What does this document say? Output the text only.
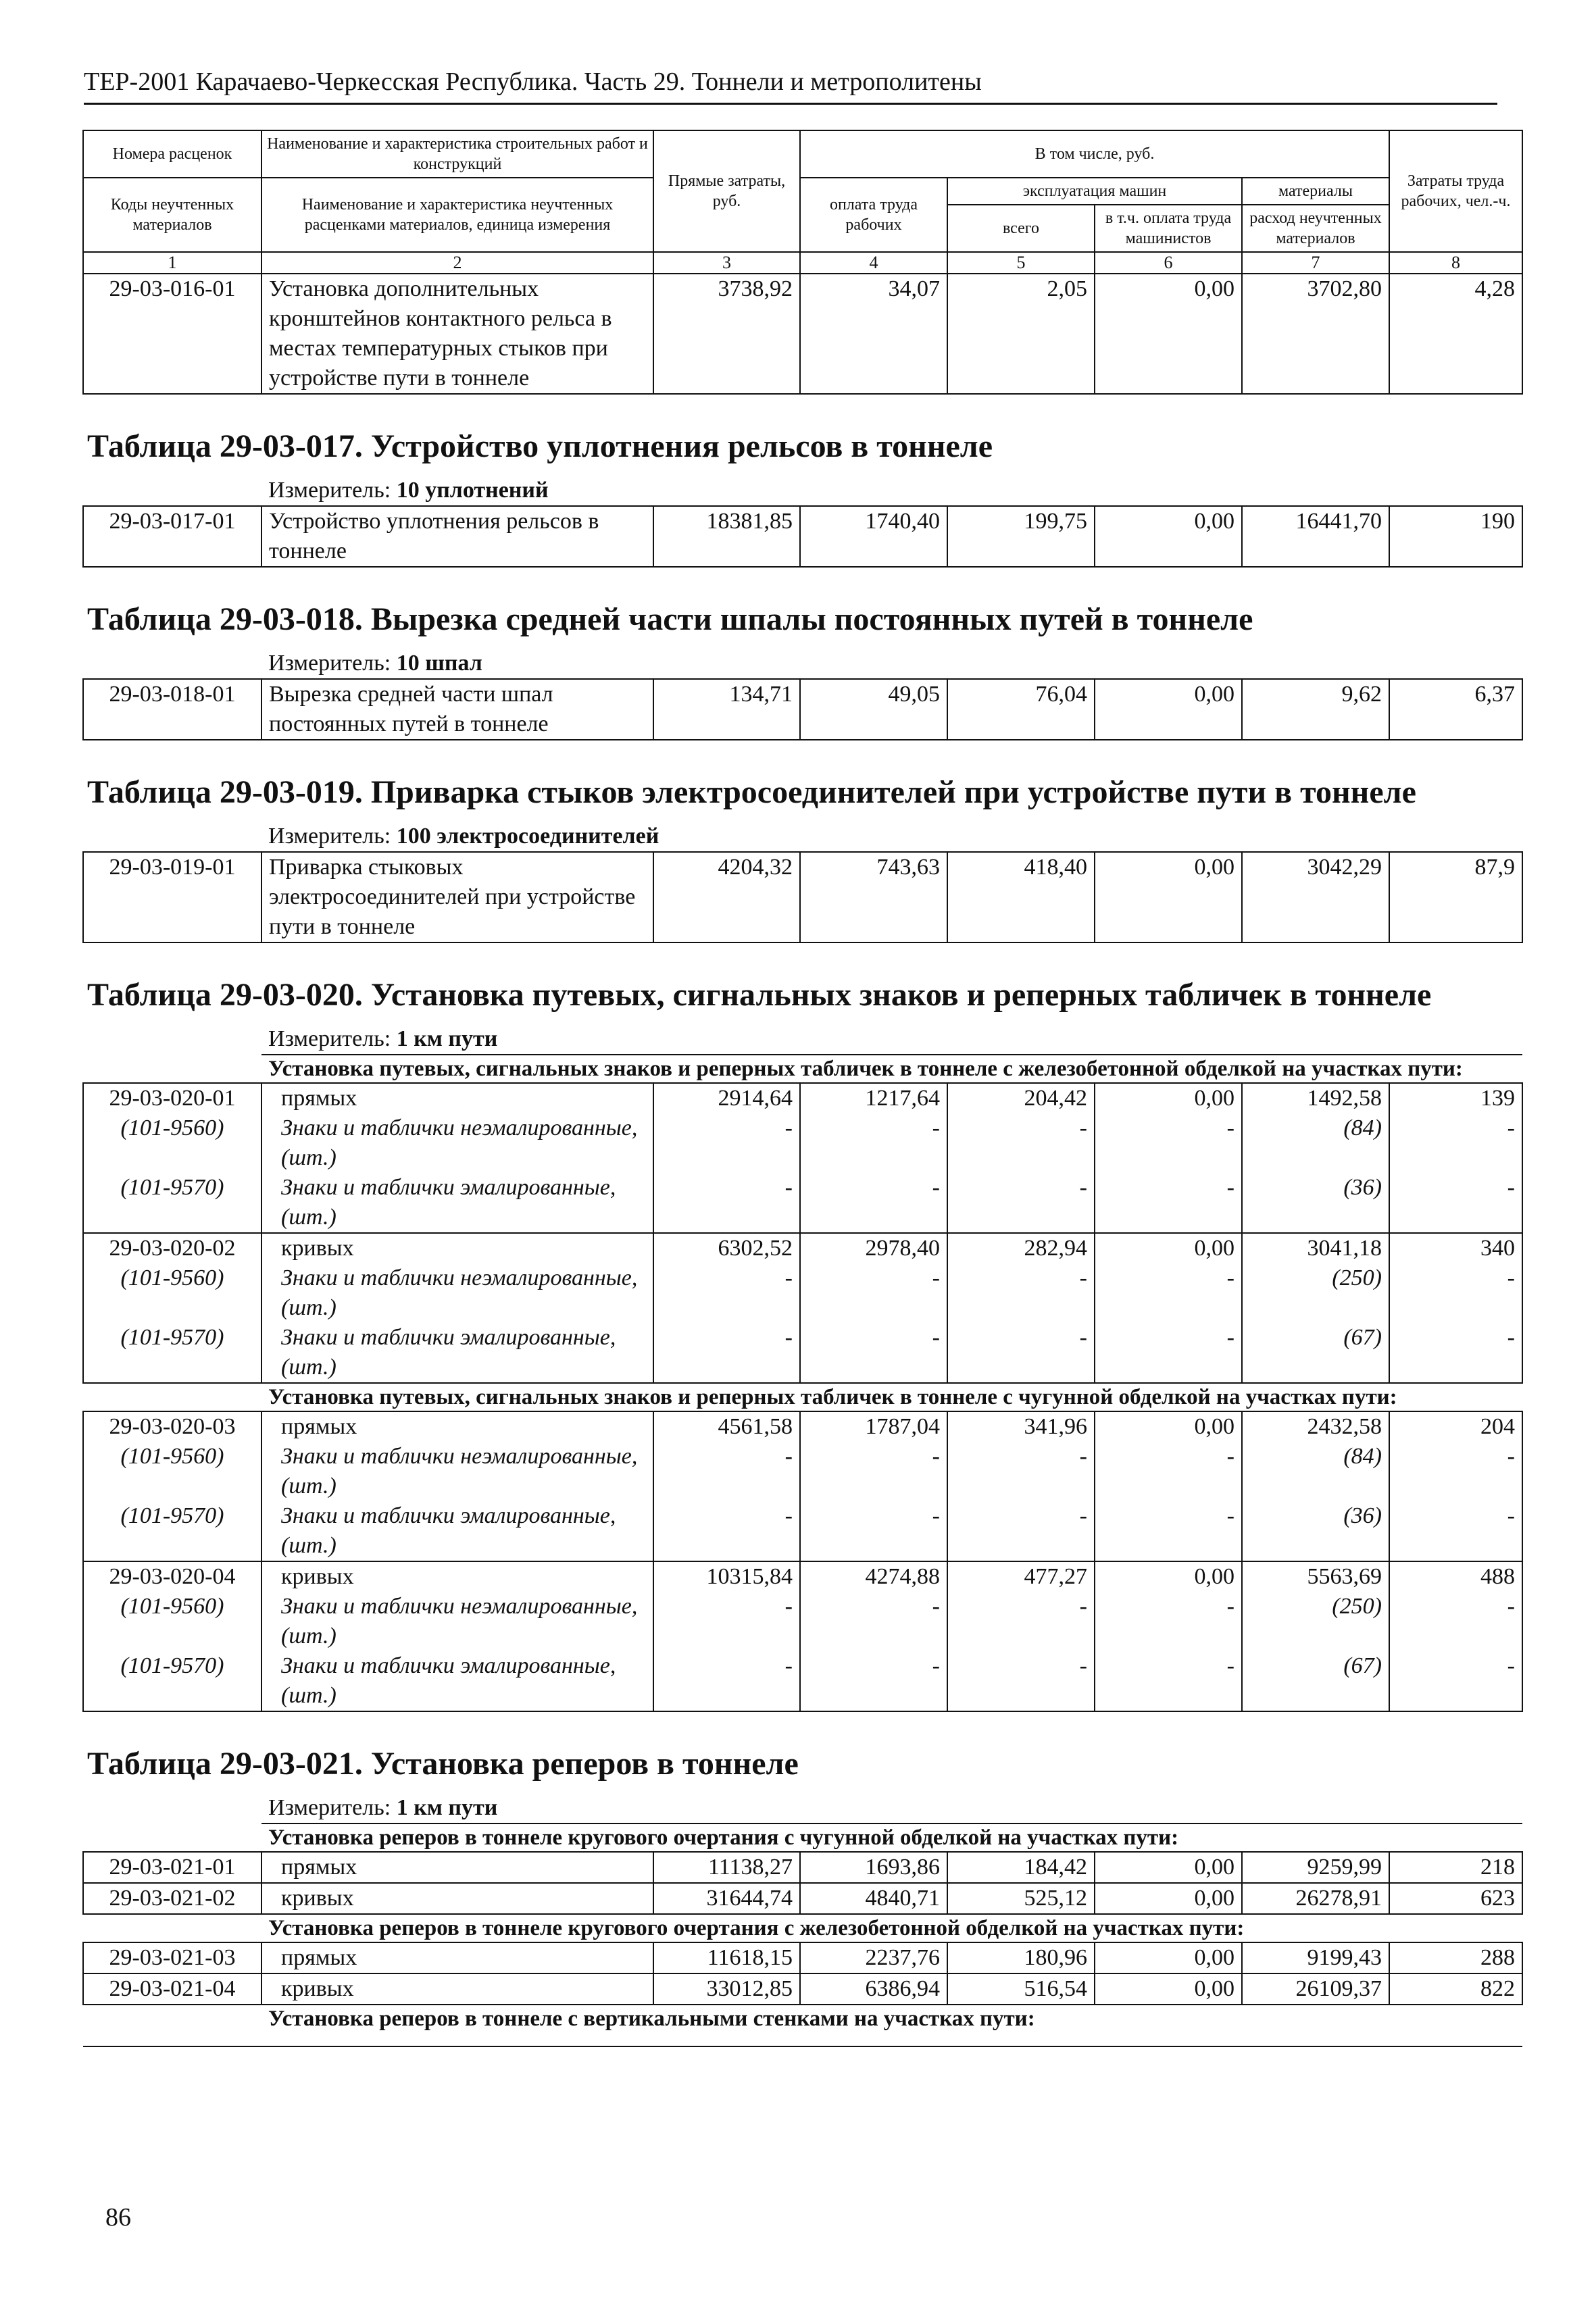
ТЕР-2001 Карачаево-Черкесская Республика. Часть 29. Тоннели и метрополитены
Номера расценок	Наименование и характеристика строительных работ и конструкций	Прямые затраты, руб.	В том числе, руб.				Затраты труда рабочих, чел.-ч.
Коды неучтенных материалов	Наименование и характеристика неучтенных расценками материалов, единица измерения		оплата труда рабочих	эксплуатация машин		материалы	
				всего	в т.ч. оплата труда машинистов	расход неучтенных материалов	
1	2	3	4	5	6	7	8
29-03-016-01	Установка дополнительных кронштейнов контактного рельса в местах температурных стыков при устройстве пути в тоннеле	3738,92	34,07	2,05	0,00	3702,80	4,28
Таблица 29-03-017. Устройство уплотнения рельсов в тоннеле							
	Измеритель: 10 уплотнений						
29-03-017-01	Устройство уплотнения рельсов в тоннеле	18381,85	1740,40	199,75	0,00	16441,70	190
Таблица 29-03-018. Вырезка средней части шпалы постоянных путей в тоннеле							
	Измеритель: 10 шпал						
29-03-018-01	Вырезка средней части шпал постоянных путей в тоннеле	134,71	49,05	76,04	0,00	9,62	6,37
Таблица 29-03-019. Приварка стыков электросоединителей при устройстве пути в тоннеле							
	Измеритель: 100 электросоединителей						
29-03-019-01	Приварка стыковых электросоединителей при устройстве пути в тоннеле	4204,32	743,63	418,40	0,00	3042,29	87,9
Таблица 29-03-020. Установка путевых, сигнальных знаков и реперных табличек в тоннеле							
	Измеритель: 1 км пути						
	Установка путевых, сигнальных знаков и реперных табличек в тоннеле с железобетонной обделкой на участках пути:						
29-03-020-01	прямых	2914,64	1217,64	204,42	0,00	1492,58	139
(101-9560)	Знаки и таблички неэмалированные, (шт.)	-	-	-	-	(84)	-
(101-9570)	Знаки и таблички эмалированные, (шт.)	-	-	-	-	(36)	-
29-03-020-02	кривых	6302,52	2978,40	282,94	0,00	3041,18	340
(101-9560)	Знаки и таблички неэмалированные, (шт.)	-	-	-	-	(250)	-
(101-9570)	Знаки и таблички эмалированные, (шт.)	-	-	-	-	(67)	-
	Установка путевых, сигнальных знаков и реперных табличек в тоннеле с чугунной обделкой на участках пути:						
29-03-020-03	прямых	4561,58	1787,04	341,96	0,00	2432,58	204
(101-9560)	Знаки и таблички неэмалированные, (шт.)	-	-	-	-	(84)	-
(101-9570)	Знаки и таблички эмалированные, (шт.)	-	-	-	-	(36)	-
29-03-020-04	кривых	10315,84	4274,88	477,27	0,00	5563,69	488
(101-9560)	Знаки и таблички неэмалированные, (шт.)	-	-	-	-	(250)	-
(101-9570)	Знаки и таблички эмалированные, (шт.)	-	-	-	-	(67)	-
Таблица 29-03-021. Установка реперов в тоннеле							
	Измеритель: 1 км пути						
	Установка реперов в тоннеле кругового очертания с чугунной обделкой на участках пути:						
29-03-021-01	прямых	11138,27	1693,86	184,42	0,00	9259,99	218
29-03-021-02	кривых	31644,74	4840,71	525,12	0,00	26278,91	623
	Установка реперов в тоннеле кругового очертания с железобетонной обделкой на участках пути:						
29-03-021-03	прямых	11618,15	2237,76	180,96	0,00	9199,43	288
29-03-021-04	кривых	33012,85	6386,94	516,54	0,00	26109,37	822
	Установка реперов в тоннеле с вертикальными стенками на участках пути:						

86
